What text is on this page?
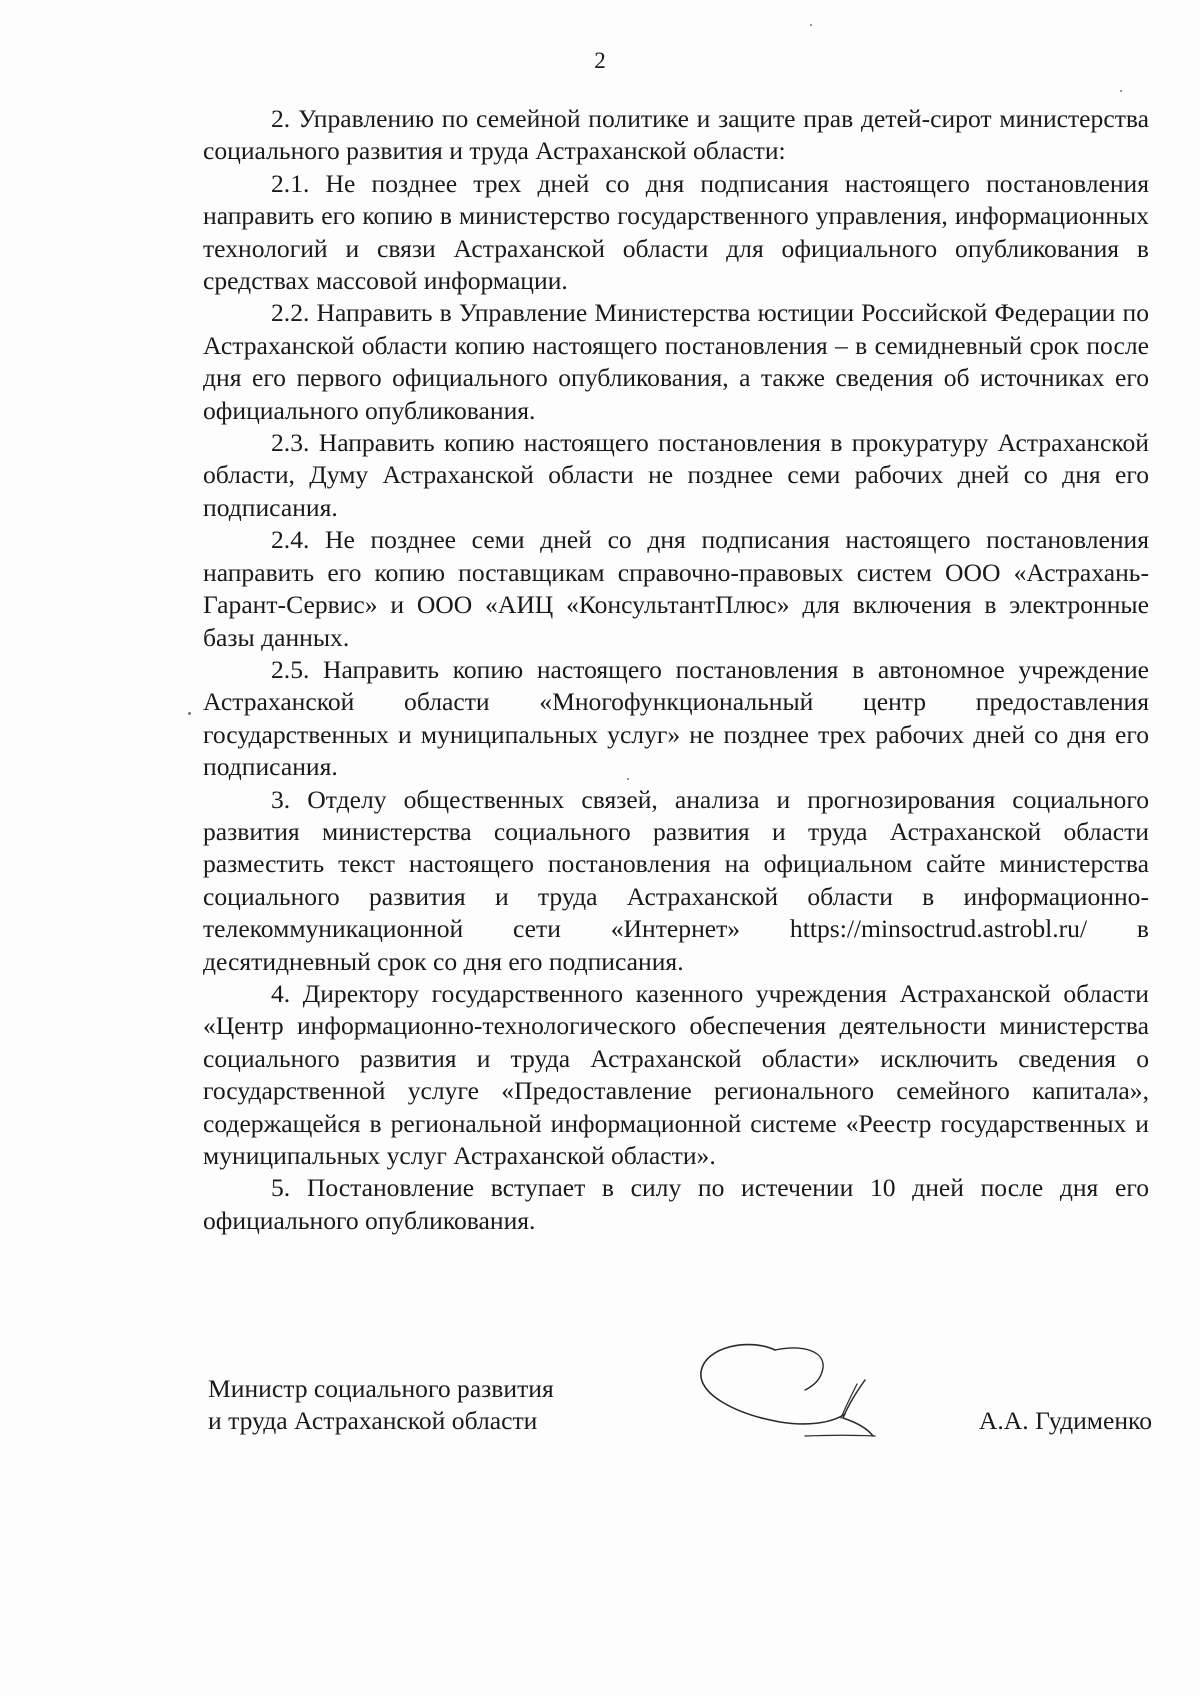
2

2. Управлению по семейной политике и защите прав детей-сирот министерства социального развития и труда Астраханской области:

2.1. Не позднее трех дней со дня подписания настоящего постановления направить его копию в министерство государственного управления, информационных технологий и связи Астраханской области для официального опубликования в средствах массовой информации.

2.2. Направить в Управление Министерства юстиции Российской Федерации по Астраханской области копию настоящего постановления – в семидневный срок после дня его первого официального опубликования, а также сведения об источниках его официального опубликования.

2.3. Направить копию настоящего постановления в прокуратуру Астраханской области, Думу Астраханской области не позднее семи рабочих дней со дня его подписания.

2.4. Не позднее семи дней со дня подписания настоящего постановления направить его копию поставщикам справочно-правовых систем ООО «Астрахань-Гарант-Сервис» и ООО «АИЦ «КонсультантПлюс» для включения в электронные базы данных.

2.5. Направить копию настоящего постановления в автономное учреждение Астраханской области «Многофункциональный центр предоставления государственных и муниципальных услуг» не позднее трех рабочих дней со дня его подписания.

3. Отделу общественных связей, анализа и прогнозирования социального развития министерства социального развития и труда Астраханской области разместить текст настоящего постановления на официальном сайте министерства социального развития и труда Астраханской области в информационно-телекоммуникационной сети «Интернет» https://minsoctrud.astrobl.ru/ в десятидневный срок со дня его подписания.

4. Директору государственного казенного учреждения Астраханской области «Центр информационно-технологического обеспечения деятельности министерства социального развития и труда Астраханской области» исключить сведения о государственной услуге «Предоставление регионального семейного капитала», содержащейся в региональной информационной системе «Реестр государственных и муниципальных услуг Астраханской области».

5. Постановление вступает в силу по истечении 10 дней после дня его официального опубликования.

Министр социального развития
и труда Астраханской области	А.А. Гудименко
